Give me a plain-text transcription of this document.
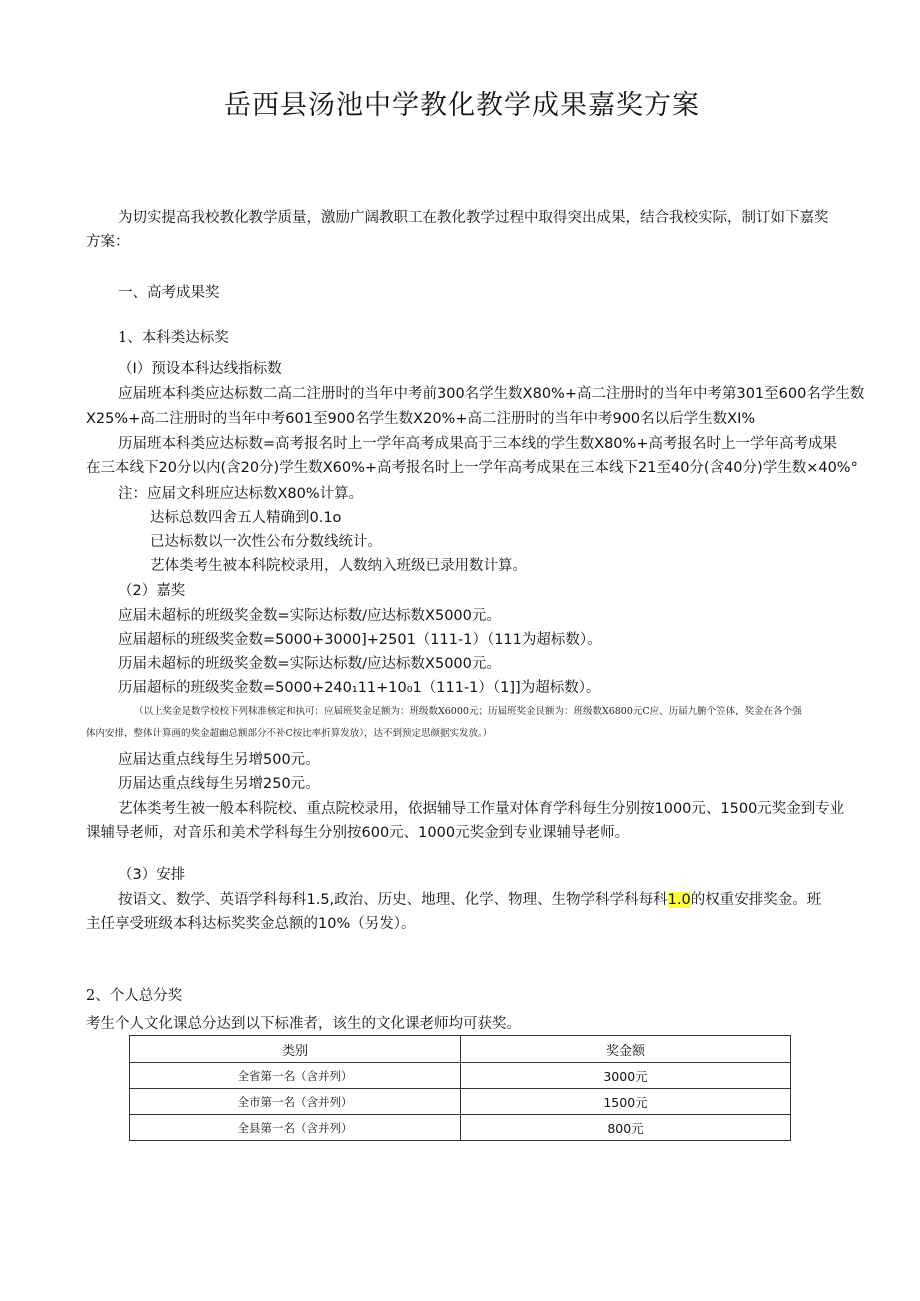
岳西县汤池中学教化教学成果嘉奖方案
为切实提高我校教化教学质量，激励广阔教职工在教化教学过程中取得突出成果，结合我校实际，制订如下嘉奖
方案：
一、高考成果奖
1、本科类达标奖
（I）预设本科达线指标数
应届班本科类应达标数二高二注册时的当年中考前300名学生数X80%+高二注册时的当年中考第301至600名学生数
X25%+高二注册时的当年中考601至900名学生数X20%+高二注册时的当年中考900名以后学生数XI%
历届班本科类应达标数=高考报名时上一学年高考成果高于三本线的学生数X80%+高考报名时上一学年高考成果
在三本线下20分以内(含20分)学生数X60%+高考报名时上一学年高考成果在三本线下21至40分(含40分)学生数×40%°
注：应届文科班应达标数X80%计算。
达标总数四舍五人精确到0.1o
已达标数以一次性公布分数线统计。
艺体类考生被本科院校录用，人数纳入班级已录用数计算。
（2）嘉奖
应届未超标的班级奖金数=实际达标数/应达标数X5000元。
应届超标的班级奖金数=5000+3000]+2501（111-1）（111为超标数）。
历届未超标的班级奖金数=实际达标数/应达标数X5000元。
历届超标的班级奖金数=5000+240₁11+10₀1（111-1）（1]]为超标数）。
（以上奖金是数学校校下列秣准核定和执可：应届班奖金足额为：班级数X6000元；历届班奖金艮额为：班级数X6800元C应、历届九腑个笠体，奖金在各个强
体内安排，整体计算画的奖金超幽总额部分不补C按比率折算发放），达不到预定思颜据实发放。）
应届达重点线每生另增500元。
历届达重点线每生另增250元。
艺体类考生被一般本科院校、重点院校录用，依据辅导工作量对体育学科每生分别按1000元、1500元奖金到专业
课辅导老师，对音乐和美术学科每生分别按600元、1000元奖金到专业课辅导老师。
（3）安排
按语文、数学、英语学科每科1.5,政治、历史、地理、化学、物理、生物学科学科每科1.0的权重安排奖金。班
主任享受班级本科达标奖奖金总额的10%（另发）。
2、个人总分奖
考生个人文化课总分达到以下标准者，该生的文化课老师均可获奖。
类别	奖金额
全省第一名（含并列）	3000元
全市第一名（含并列）	1500元
全县第一名（含并列）	800元
